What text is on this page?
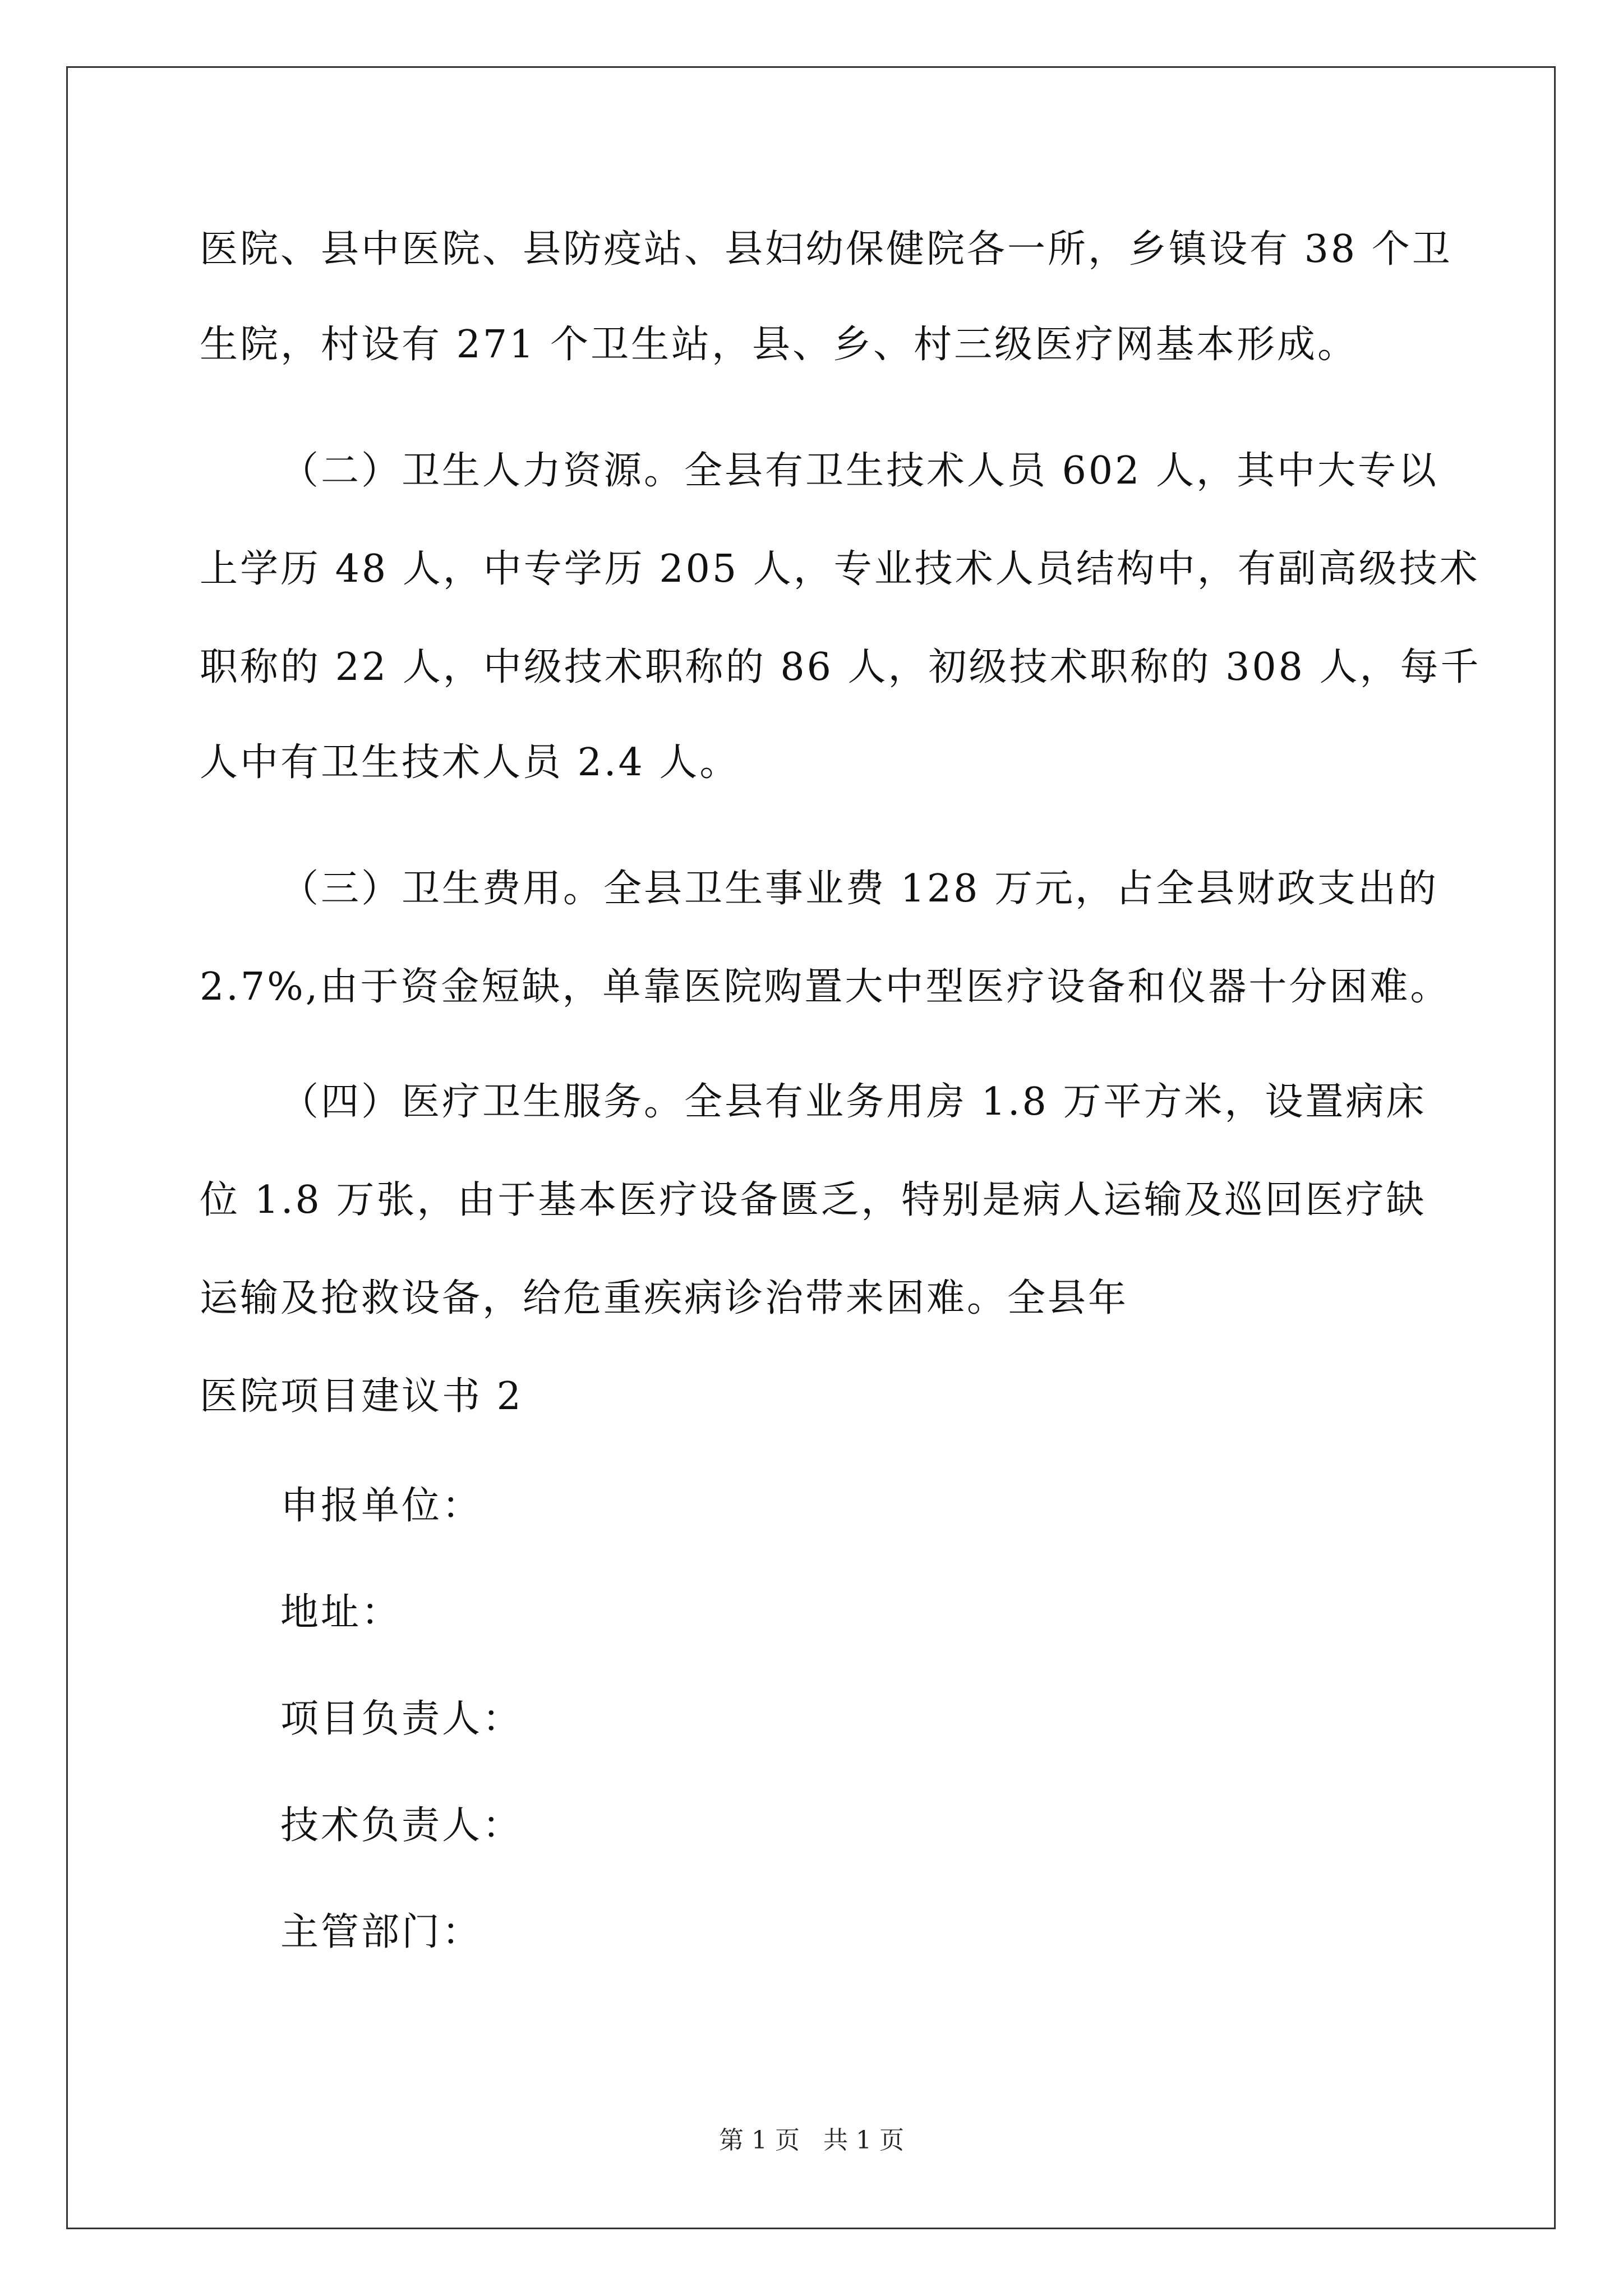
医院、县中医院、县防疫站、县妇幼保健院各一所，乡镇设有 38 个卫
生院，村设有 271 个卫生站，县、乡、村三级医疗网基本形成。
（二）卫生人力资源。全县有卫生技术人员 602 人，其中大专以
上学历 48 人，中专学历 205 人，专业技术人员结构中，有副高级技术
职称的 22 人，中级技术职称的 86 人，初级技术职称的 308 人，每千
人中有卫生技术人员 2.4 人。
（三）卫生费用。全县卫生事业费 128 万元，占全县财政支出的
2.7%,由于资金短缺，单靠医院购置大中型医疗设备和仪器十分困难。
（四）医疗卫生服务。全县有业务用房 1.8 万平方米，设置病床
位 1.8 万张，由于基本医疗设备匮乏，特别是病人运输及巡回医疗缺
运输及抢救设备，给危重疾病诊治带来困难。全县年
医院项目建议书 2
申报单位：
地址：
项目负责人：
技术负责人：
主管部门：
第 1 页   共 1 页
